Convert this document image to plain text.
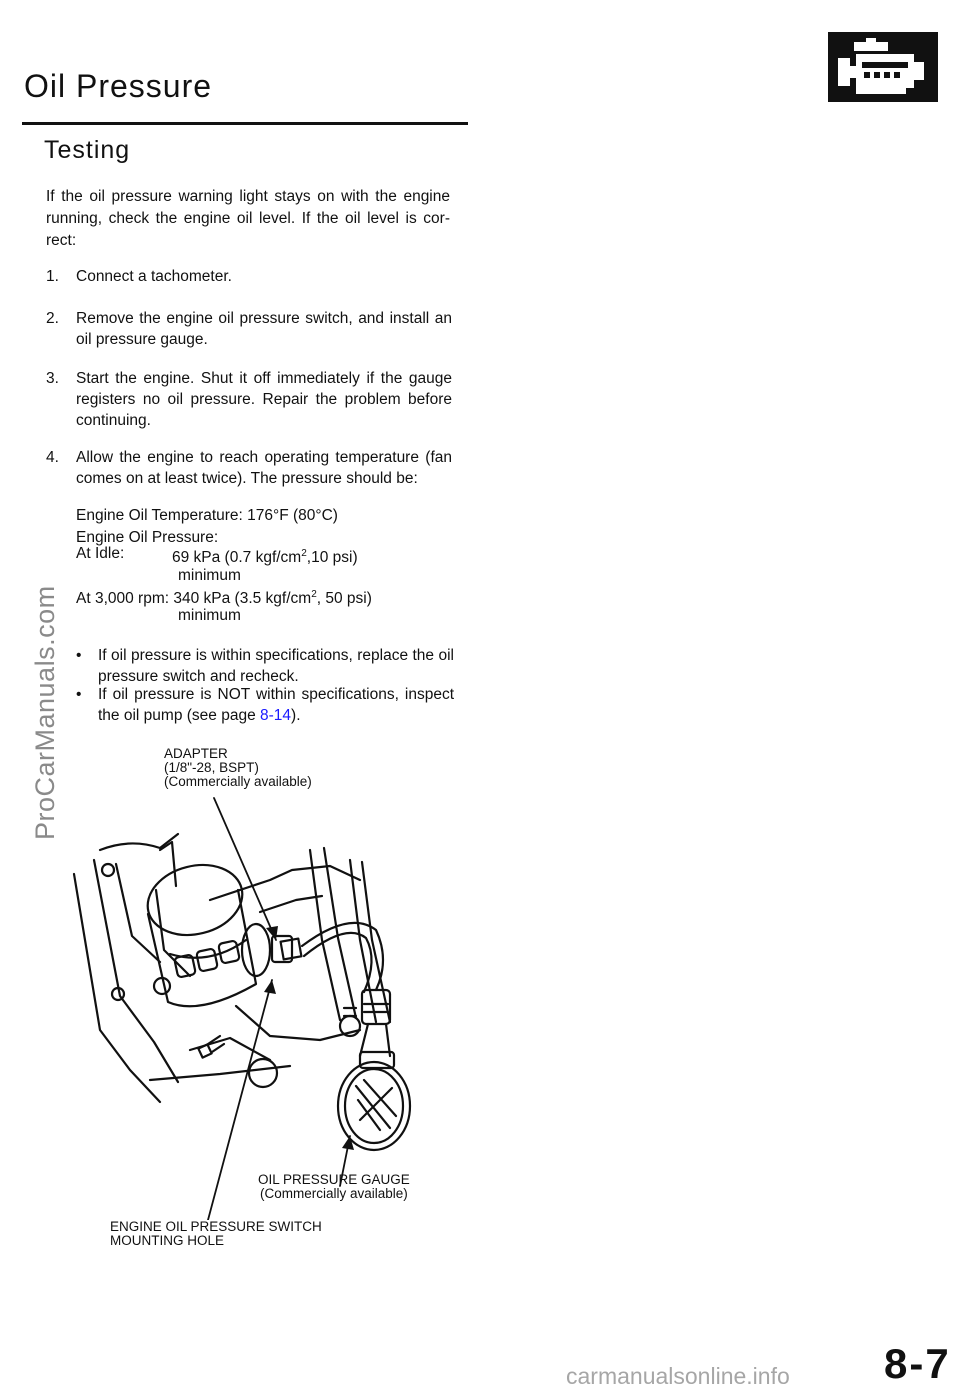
Oil Pressure
Testing
If the oil pressure warning light stays on with the engine running, check the engine oil level. If the oil level is cor-rect:
1. Connect a tachometer.
2. Remove the engine oil pressure switch, and install an oil pressure gauge.
3. Start the engine. Shut it off immediately if the gauge registers no oil pressure. Repair the problem before continuing.
4. Allow the engine to reach operating temperature (fan comes on at least twice). The pressure should be:
Engine Oil Temperature: 176°F (80°C)
Engine Oil Pressure:
At Idle:	69 kPa (0.7 kgf/$cm^2,10$ psi)
minimum
At 3,000 rpm: 340 kPa (3.5 kgf/$cm^2$, 50 psi)
minimum
• If oil pressure is within specifications, replace the oil pressure switch and recheck.
• If oil pressure is NOT within specifications, inspect the oil pump (see page 8-14).
ADAPTER
(1/8"-28, BSPT)
(Commercially available)
OIL PRESSURE GAUGE
(Commercially available)
ENGINE OIL PRESSURE SWITCH
MOUNTING HOLE
ProCarManuals.com
carmanualsonline.info 8-7
